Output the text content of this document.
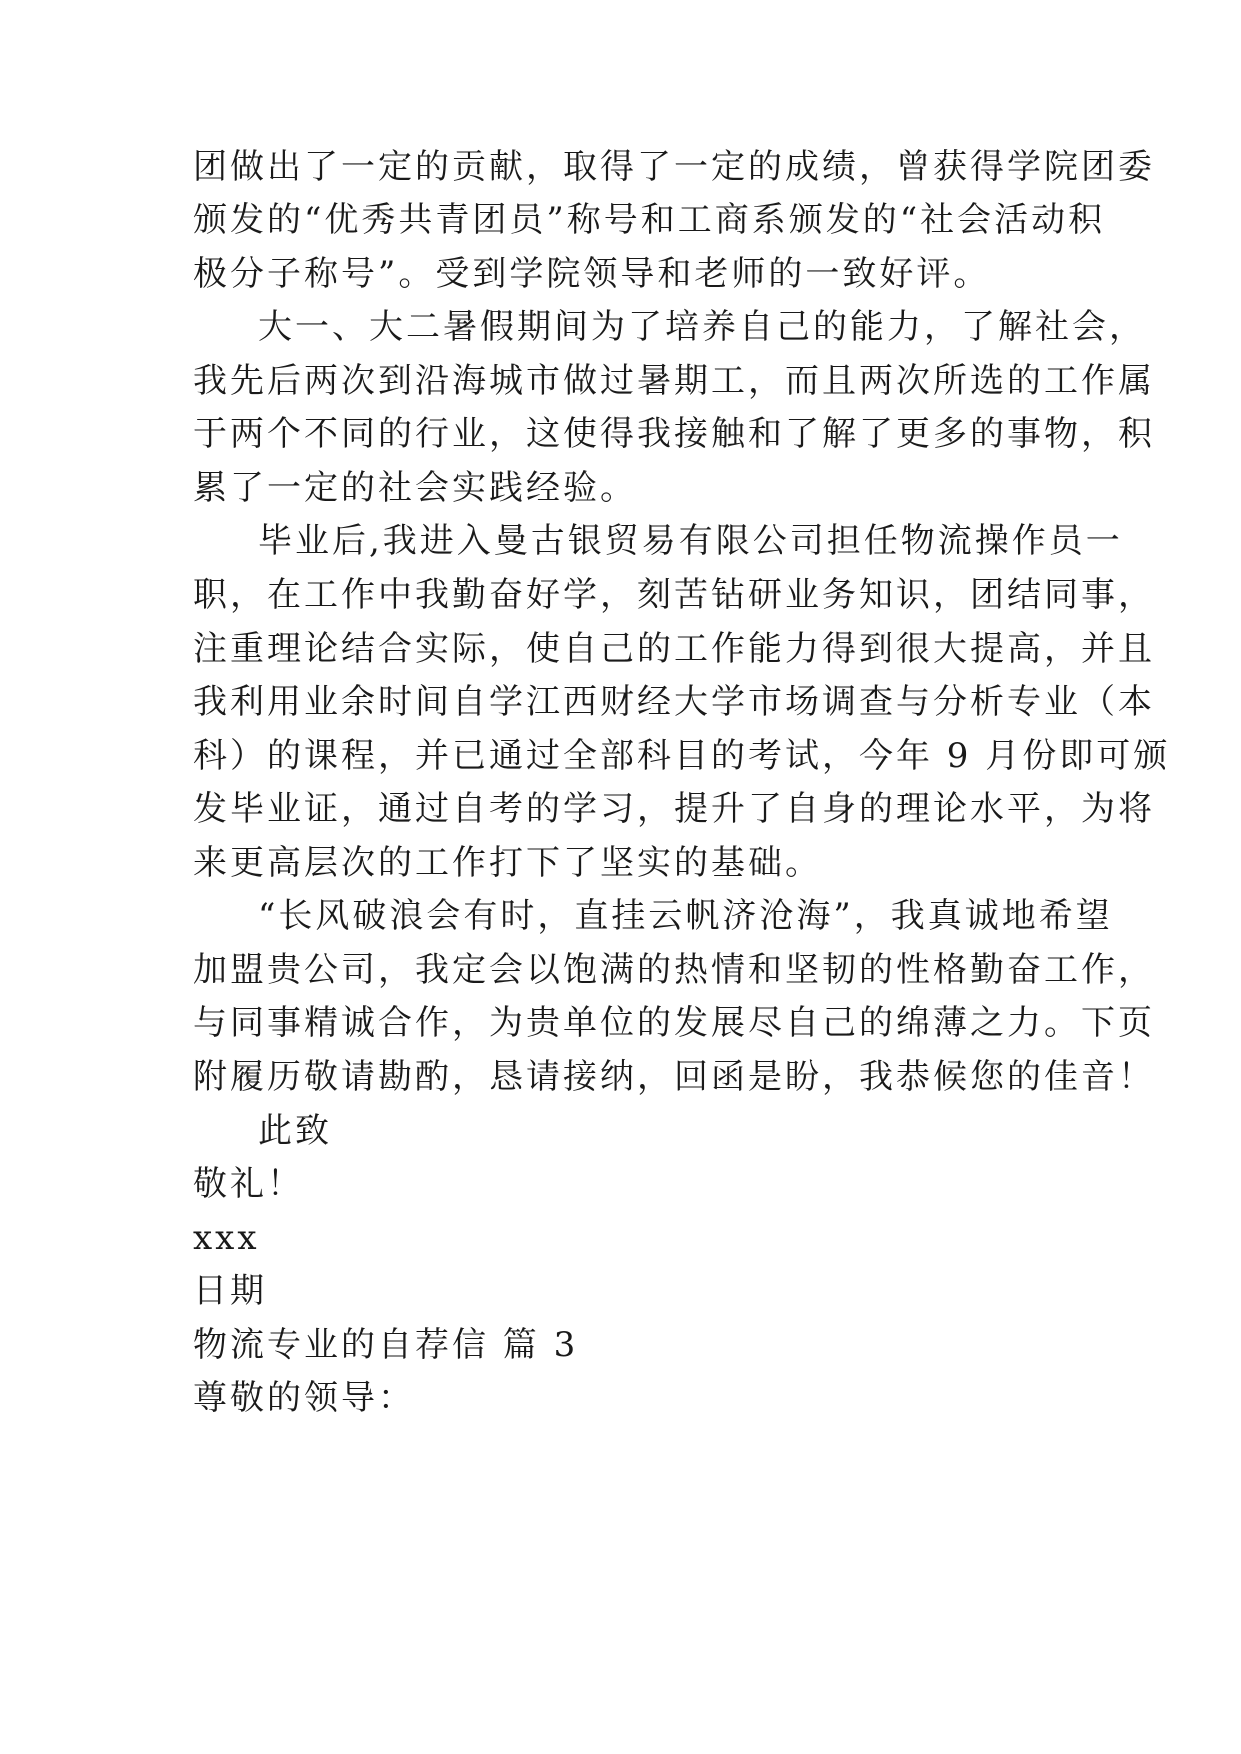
团做出了一定的贡献，取得了一定的成绩，曾获得学院团委
颁发的“优秀共青团员”称号和工商系颁发的“社会活动积
极分子称号”。受到学院领导和老师的一致好评。
大一、大二暑假期间为了培养自己的能力，了解社会，
我先后两次到沿海城市做过暑期工，而且两次所选的工作属
于两个不同的行业，这使得我接触和了解了更多的事物，积
累了一定的社会实践经验。
毕业后,我进入曼古银贸易有限公司担任物流操作员一
职，在工作中我勤奋好学，刻苦钻研业务知识，团结同事，
注重理论结合实际，使自己的工作能力得到很大提高，并且
我利用业余时间自学江西财经大学市场调查与分析专业（本
科）的课程，并已通过全部科目的考试，今年 9 月份即可颁
发毕业证，通过自考的学习，提升了自身的理论水平，为将
来更高层次的工作打下了坚实的基础。
“长风破浪会有时，直挂云帆济沧海”，我真诚地希望
加盟贵公司，我定会以饱满的热情和坚韧的性格勤奋工作，
与同事精诚合作，为贵单位的发展尽自己的绵薄之力。下页
附履历敬请勘酌，恳请接纳，回函是盼，我恭候您的佳音！
此致
敬礼！
xxx
日期
物流专业的自荐信 篇 3
尊敬的领导：
